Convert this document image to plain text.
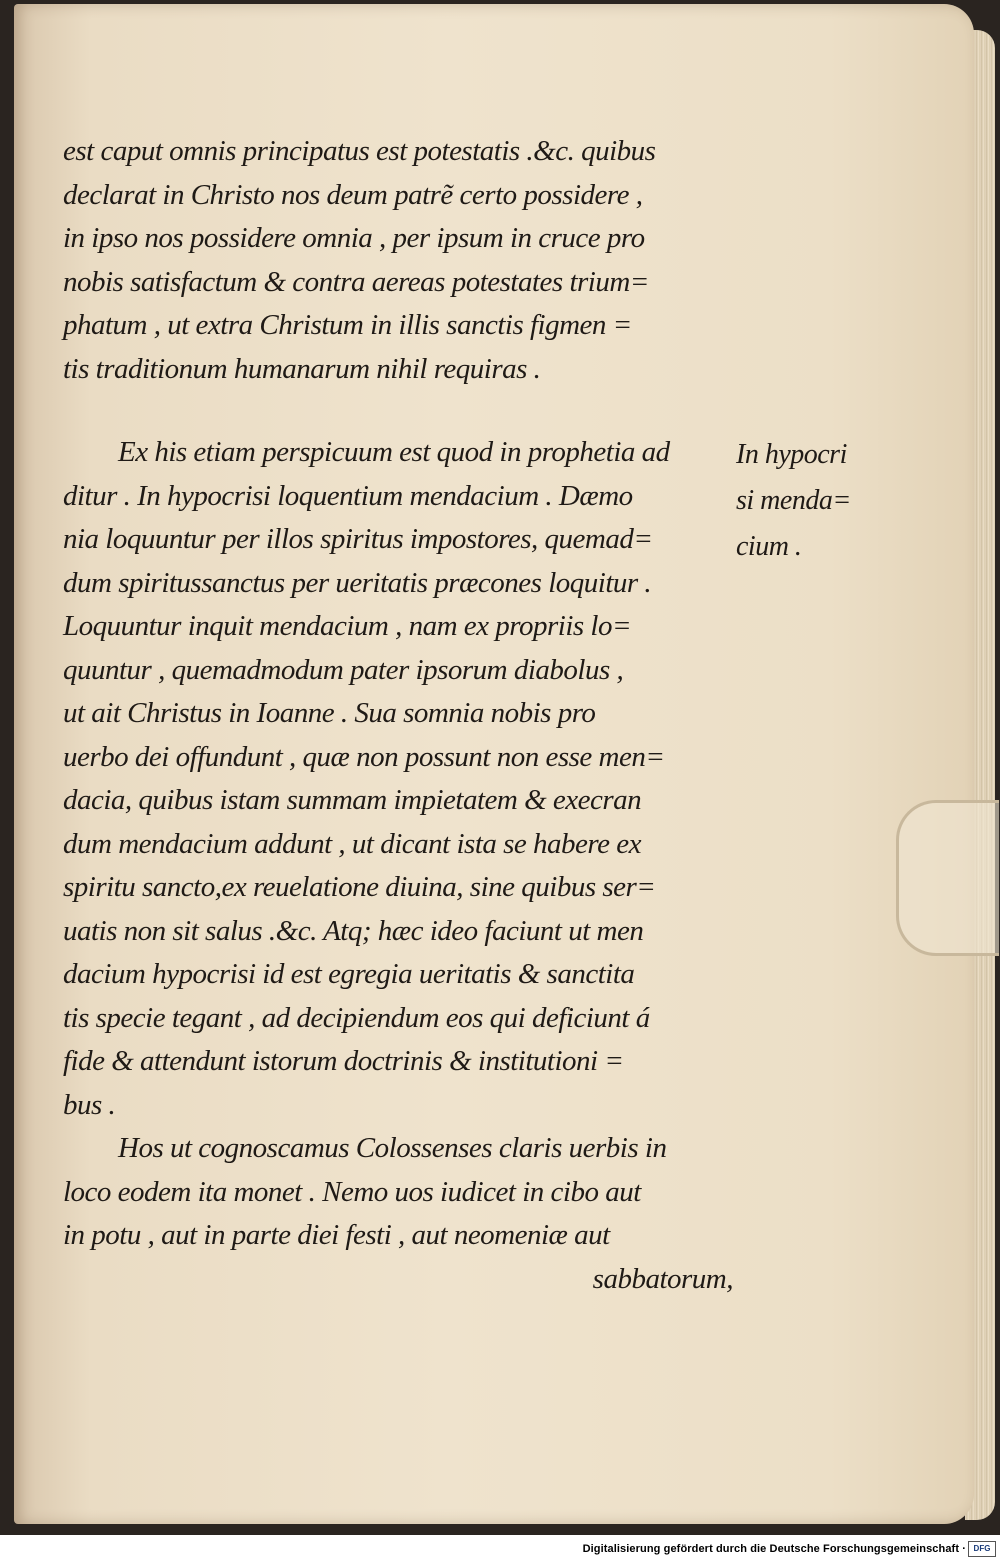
est caput omnis principatus est potestatis .&c. quibus
declarat in Christo nos deum patrẽ certo possidere ,
in ipso nos possidere omnia , per ipsum in cruce pro
nobis satisfactum & contra aereas potestates trium=
phatum , ut extra Christum in illis sanctis figmen =
tis traditionum humanarum nihil requiras .
Ex his etiam perspicuum est quod in prophetia ad
ditur . In hypocrisi loquentium mendacium . Dæmo
nia loquuntur per illos spiritus impostores, quemad=
dum spiritussanctus per ueritatis præcones loquitur .
Loquuntur inquit mendacium , nam ex propriis lo=
quuntur , quemadmodum pater ipsorum diabolus ,
ut ait Christus in Ioanne . Sua somnia nobis pro
uerbo dei offundunt , quæ non possunt non esse men=
dacia, quibus istam summam impietatem & execran
dum mendacium addunt , ut dicant ista se habere ex
spiritu sancto,ex reuelatione diuina, sine quibus ser=
uatis non sit salus .&c. Atq; hæc ideo faciunt ut men
dacium hypocrisi id est egregia ueritatis & sanctita
tis specie tegant , ad decipiendum eos qui deficiunt á
fide & attendunt istorum doctrinis & institutioni =
bus .
Hos ut cognoscamus Colossenses claris uerbis in
loco eodem ita monet . Nemo uos iudicet in cibo aut
in potu , aut in parte diei festi , aut neomeniæ aut
sabbatorum,
In hypocri
si menda=
cium .
Digitalisierung gefördert durch die Deutsche Forschungsgemeinschaft · DFG
